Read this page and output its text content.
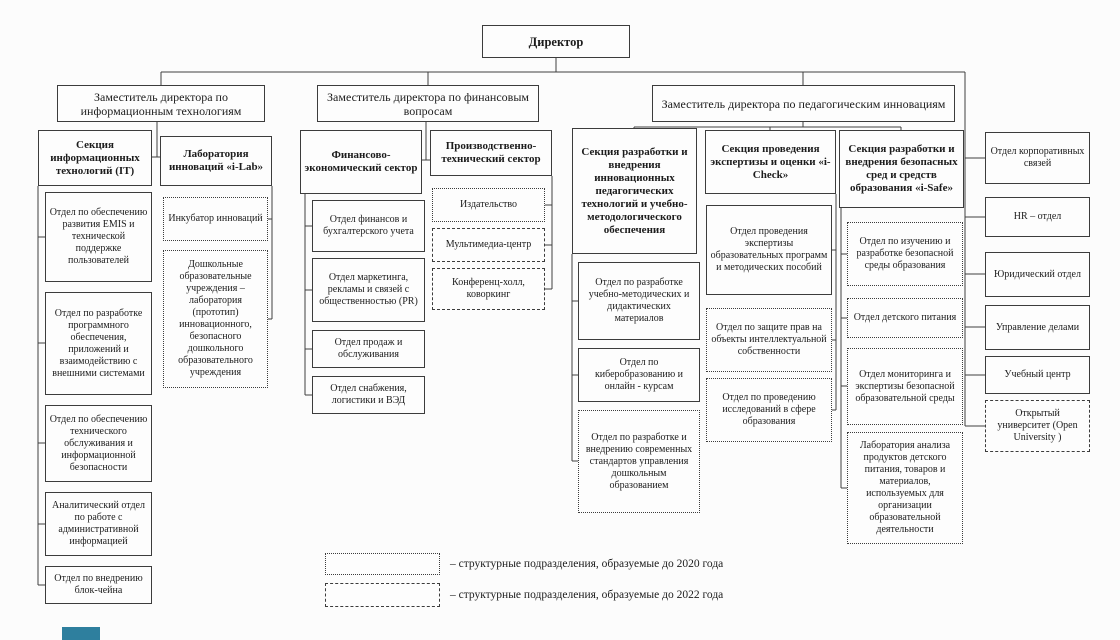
Директор
Заместитель директора по информационным технологиям
Заместитель директора по финансовым вопросам	Заместитель директора по педагогическим инновациям
Секция информационных технологий (IT)
Отдел по обеспечению развития EMIS и технической поддержке пользователей
Отдел по разработке программного обеспечения, приложений и взаимодействию с внешними системами
Отдел по обеспечению технического обслуживания и информационной безопасности
Аналитический отдел по работе с административной информацией
Отдел по внедрению блок-чейна
Лаборатория инноваций «i-Lab»
Инкубатор инноваций
Дошкольные образовательные учреждения – лаборатория (прототип) инновационного, безопасного дошкольного образовательного учреждения
Финансово-экономический сектор
Отдел финансов и бухгалтерского учета
Отдел маркетинга, рекламы и связей с общественностью (PR)
Отдел продаж и обслуживания
Отдел снабжения, логистики и ВЭД
Производственно-технический сектор
Издательство
Мультимедиа-центр
Конференц-холл, коворкинг
Секция разработки и внедрения инновационных педагогических технологий и учебно-методологического обеспечения
Отдел по разработке учебно-методических и дидактических материалов
Отдел по киберобразованию и онлайн - курсам
Отдел по разработке и внедрению современных стандартов управления дошкольным образованием
Секция проведения экспертизы и оценки «i-Check»
Отдел проведения экспертизы образовательных программ и методических пособий
Отдел по защите прав на объекты интеллектуальной собственности
Отдел по проведению исследований в сфере образования
Секция разработки и внедрения безопасных сред и средств образования «i-Safe»
Отдел по изучению и разработке безопасной среды образования
Отдел детского питания
Отдел мониторинга и экспертизы безопасной образовательной среды
Лаборатория анализа продуктов детского питания, товаров и материалов, используемых для организации образовательной деятельности
Отдел корпоративных связей
HR – отдел
Юридический отдел
Управление делами
Учебный центр
Открытый университет (Open University )
– структурные подразделения, образуемые до 2020 года
– структурные подразделения, образуемые до 2022 года
